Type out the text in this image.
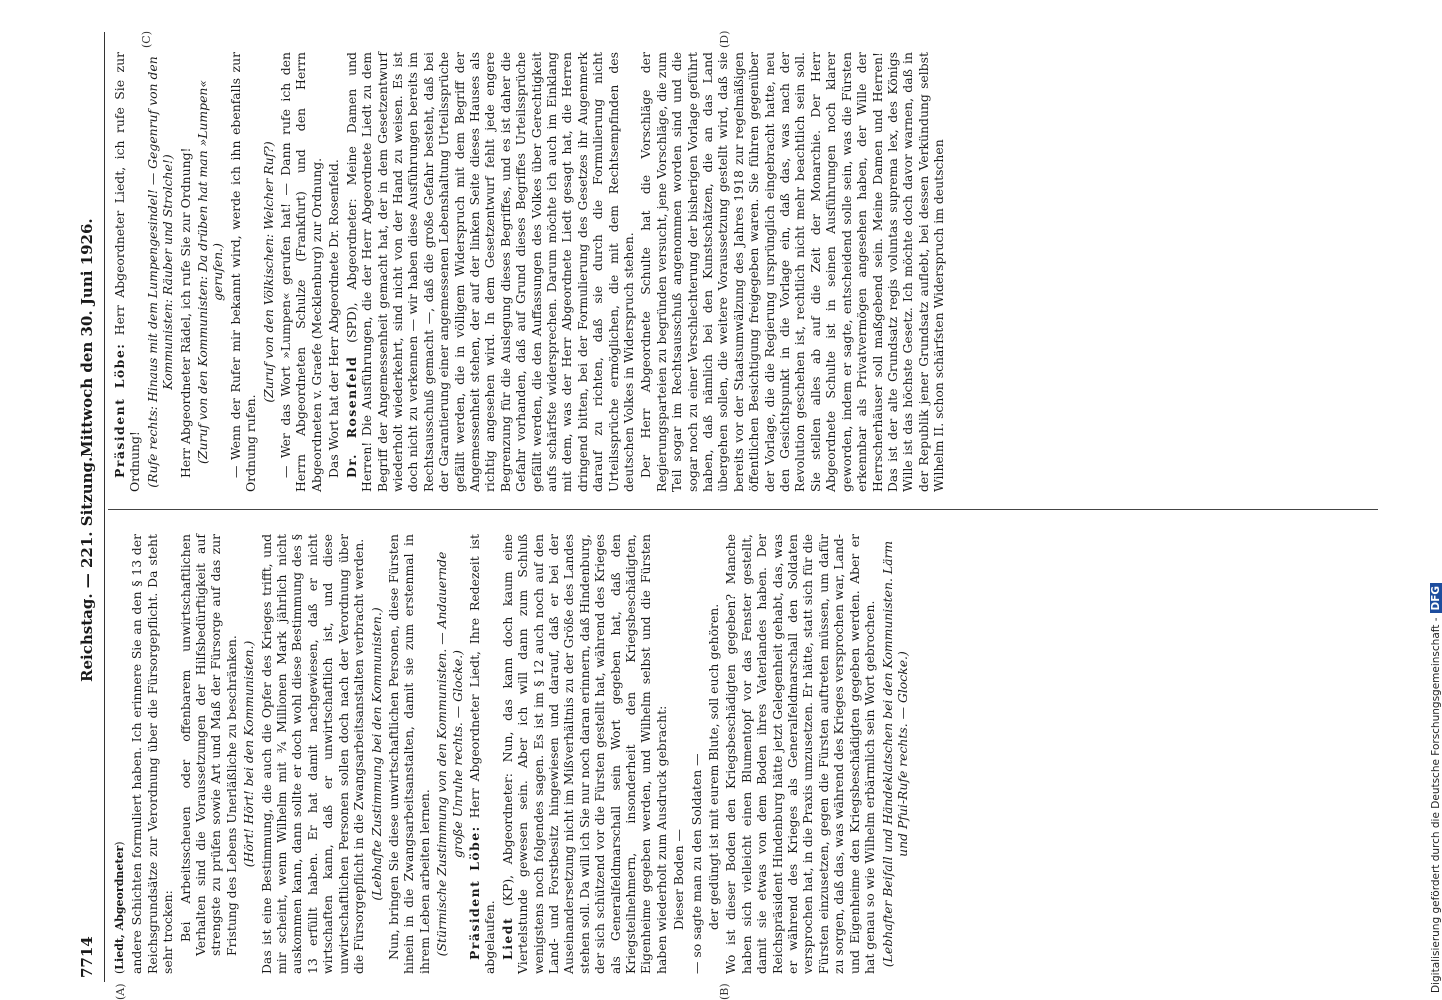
7714
Reichstag. — 221. Sitzung.
Mittwoch den 30. Juni 1926.
(A)	(B)
(C)	(D)

(Liedt, Abgeordneter) andere Schichten formuliert haben. Ich erinnere Sie an den § 13 der Reichsgrundsätze zur Verordnung über die Fürsorgepflicht. Da steht sehr trocken: Bei Arbeitsscheuen oder offenbarem unwirtschaftlichen Verhalten sind die Voraussetzungen der Hilfsbedürftigkeit auf strengste zu prüfen sowie Art und Maß der Fürsorge auf das zur Fristung des Lebens Unerläßliche zu beschränken. (Hört! Hört! bei den Kommunisten.) Das ist eine Bestimmung, die auch die Opfer des Krieges trifft, und mir scheint, wenn Wilhelm mit ¾ Millionen Mark jährlich nicht auskommen kann, dann sollte er doch wohl diese Bestimmung des § 13 erfüllt haben. Er hat damit nachgewiesen, daß er nicht wirtschaften kann, daß er unwirtschaftlich ist, und diese unwirtschaftlichen Personen sollen doch nach der Verordnung über die Fürsorgepflicht in die Zwangsarbeitsanstalten verbracht werden. (Lebhafte Zustimmung bei den Kommunisten.) Nun, bringen Sie diese unwirtschaftlichen Personen, diese Fürsten hinein in die Zwangsarbeitsanstalten, damit sie zum erstenmal in ihrem Leben arbeiten lernen. (Stürmische Zustimmung von den Kommunisten. — Andauernde große Unruhe rechts. — Glocke.)

Präsident Löbe: Herr Abgeordneter Liedt, Ihre Redezeit ist abgelaufen. Liedt (KP), Abgeordneter: Nun, das kann doch kaum eine Viertelstunde gewesen sein. Aber ich will dann zum Schluß wenigstens noch folgendes sagen. Es ist im § 12 auch noch auf den Land- und Forstbesitz hingewiesen und darauf, daß er bei der Auseinandersetzung nicht im Mißverhältnis zu der Größe des Landes stehen soll. Da will ich Sie nur noch daran erinnern, daß Hindenburg, der sich schützend vor die Fürsten gestellt hat, während des Krieges als Generalfeldmarschall sein Wort gegeben hat, daß den Kriegsteilnehmern, insonderheit den Kriegsbeschädigten, Eigenheime gegeben werden, und Wilhelm selbst und die Fürsten haben wiederholt zum Ausdruck gebracht: Dieser Boden — — so sagte man zu den Soldaten — der gedüngt ist mit eurem Blute, soll euch gehören. Wo ist dieser Boden den Kriegsbeschädigten gegeben? Manche haben sich vielleicht einen Blumentopf vor das Fenster gestellt, damit sie etwas von dem Boden ihres Vaterlandes haben. Der Reichspräsident Hindenburg hätte jetzt Gelegenheit gehabt, das, was er während des Krieges als Generalfeldmarschall den Soldaten versprochen hat, in die Praxis umzusetzen. Er hätte, statt sich für die Fürsten einzusetzen, gegen die Fürsten auftreten müssen, um dafür zu sorgen, daß das, was während des Krieges versprochen war, Land- und Eigenheime den Kriegsbeschädigten gegeben werden. Aber er hat genau so wie Wilhelm erbärmlich sein Wort gebrochen. (Lebhafter Beifall und Händeklatschen bei den Kommunisten. Lärm und Pfui-Rufe rechts. — Glocke.)

Präsident Löbe: Herr Abgeordneter Liedt, ich rufe Sie zur Ordnung! (Rufe rechts: Hinaus mit dem Lumpengesindel! — Gegenruf von den Kommunisten: Räuber und Strolche!) Herr Abgeordneter Rädel, ich rufe Sie zur Ordnung! (Zuruf von den Kommunisten: Da drüben hat man »Lumpen« gerufen.) — Wenn der Rufer mir bekannt wird, werde ich ihn ebenfalls zur Ordnung rufen.

(Zuruf von den Völkischen: Welcher Ruf?) — Wer das Wort »Lumpen« gerufen hat! — Dann rufe ich den Herrn Abgeordneten Schulze (Frankfurt) und den Herrn Abgeordneten v. Graefe (Mecklenburg) zur Ordnung. Das Wort hat der Herr Abgeordnete Dr. Rosenfeld. Dr. Rosenfeld (SPD), Abgeordneter: Meine Damen und Herren! Die Ausführungen, die der Herr Abgeordnete Liedt zu dem Begriff der Angemessenheit gemacht hat, der in dem Gesetzentwurf wiederholt wiederkehrt, sind nicht von der Hand zu weisen. Es ist doch nicht zu verkennen — wir haben diese Ausführungen bereits im Rechtsausschuß gemacht —, daß die große Gefahr besteht, daß bei der Garantierung einer angemessenen Lebenshaltung Urteilssprüche gefällt werden, die in völligem Widerspruch mit dem Begriff der Angemessenheit stehen, der auf der linken Seite dieses Hauses als richtig angesehen wird. In dem Gesetzentwurf fehlt jede engere Begrenzung für die Auslegung dieses Begriffes, und es ist daher die Gefahr vorhanden, daß auf Grund dieses Begriffes Urteilssprüche gefällt werden, die den Auffassungen des Volkes über Gerechtigkeit aufs schärfste widersprechen. Darum möchte ich auch im Einklang mit dem, was der Herr Abgeordnete Liedt gesagt hat, die Herren dringend bitten, bei der Formulierung des Gesetzes ihr Augenmerk darauf zu richten, daß sie durch die Formulierung nicht Urteilssprüche ermöglichen, die mit dem Rechtsempfinden des deutschen Volkes in Widerspruch stehen. Der Herr Abgeordnete Schulte hat die Vorschläge der Regierungsparteien zu begründen versucht, jene Vorschläge, die zum Teil sogar im Rechtsausschuß angenommen worden sind und die sogar noch zu einer Verschlechterung der bisherigen Vorlage geführt haben, daß nämlich bei den Kunstschätzen, die an das Land übergehen sollen, die weitere Voraussetzung gestellt wird, daß sie bereits vor der Staatsumwälzung des Jahres 1918 zur regelmäßigen öffentlichen Besichtigung freigegeben waren. Sie führen gegenüber der Vorlage, die die Regierung ursprünglich eingebracht hatte, neu den Gesichtspunkt in die Vorlage ein, daß das, was nach der Revolution geschehen ist, rechtlich nicht mehr beachtlich sein soll. Sie stellen alles ab auf die Zeit der Monarchie. Der Herr Abgeordnete Schulte ist in seinen Ausführungen noch klarer geworden, indem er sagte, entscheidend solle sein, was die Fürsten erkennbar als Privatvermögen angesehen haben, der Wille der Herrscherhäuser soll maßgebend sein. Meine Damen und Herren! Das ist der alte Grundsatz regis voluntas suprema lex, des Königs Wille ist das höchste Gesetz. Ich möchte doch davor warnen, daß in der Republik jener Grundsatz auflebt, bei dessen Verkündung selbst Wilhelm II. schon schärfsten Widerspruch im deutschen

Digitalisierung gefördert durch die Deutsche Forschungsgemeinschaft -DFG
